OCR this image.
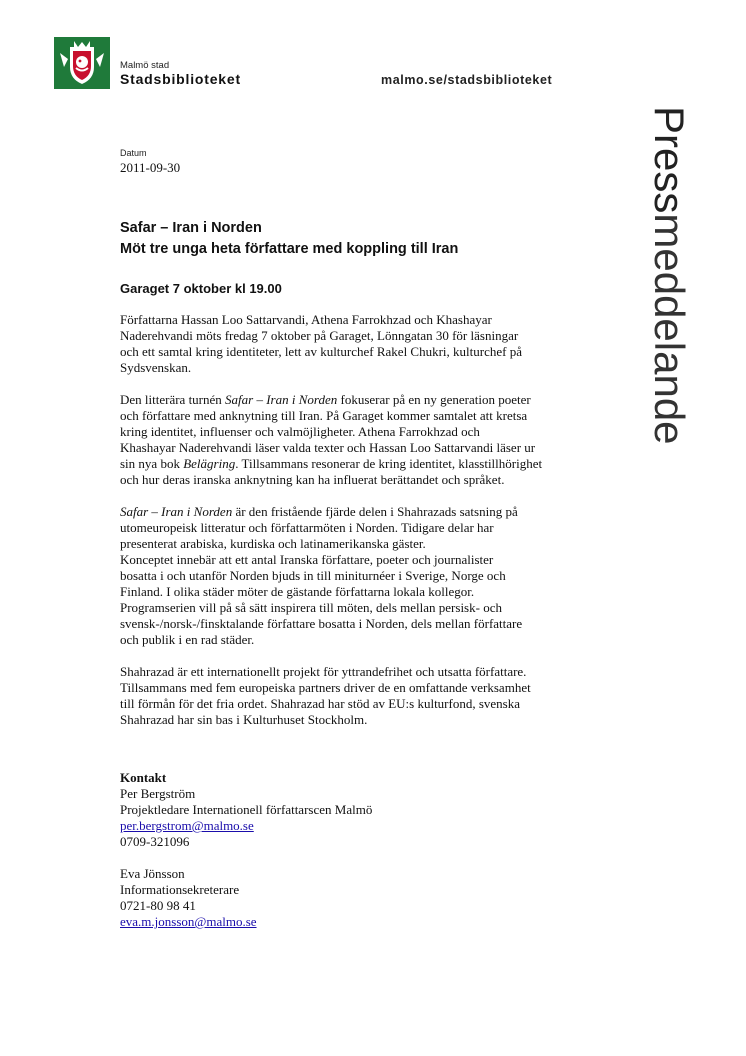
Malmö stad
Stadsbiblioteket	malmo.se/stadsbiblioteket
Pressmeddelande
Datum
2011-09-30
Safar – Iran i Norden
Möt tre unga heta författare med koppling till Iran
Garaget 7 oktober kl 19.00

Författarna Hassan Loo Sattarvandi, Athena Farrokhzad och Khashayar
Naderehvandi möts fredag 7 oktober på Garaget, Lönngatan 30 för läsningar
och ett samtal kring identiteter, lett av kulturchef Rakel Chukri, kulturchef på
Sydsvenskan.

Den litterära turnén Safar – Iran i Norden fokuserar på en ny generation poeter
och författare med anknytning till Iran. På Garaget kommer samtalet att kretsa
kring identitet, influenser och valmöjligheter. Athena Farrokhzad och
Khashayar Naderehvandi läser valda texter och Hassan Loo Sattarvandi läser ur
sin nya bok Belägring. Tillsammans resonerar de kring identitet, klasstillhörighet
och hur deras iranska anknytning kan ha influerat berättandet och språket.

Safar – Iran i Norden är den fristående fjärde delen i Shahrazads satsning på
utomeuropeisk litteratur och författarmöten i Norden. Tidigare delar har
presenterat arabiska, kurdiska och latinamerikanska gäster.

Konceptet innebär att ett antal Iranska författare, poeter och journalister
bosatta i och utanför Norden bjuds in till miniturnéer i Sverige, Norge och
Finland. I olika städer möter de gästande författarna lokala kollegor.
Programserien vill på så sätt inspirera till möten, dels mellan persisk- och
svensk-/norsk-/finsktalande författare bosatta i Norden, dels mellan författare
och publik i en rad städer.

Shahrazad är ett internationellt projekt för yttrandefrihet och utsatta författare.
Tillsammans med fem europeiska partners driver de en omfattande verksamhet
till förmån för det fria ordet. Shahrazad har stöd av EU:s kulturfond, svenska
Shahrazad har sin bas i Kulturhuset Stockholm.

Kontakt
Per Bergström
Projektledare Internationell författarscen Malmö
per.bergstrom@malmo.se
0709-321096
Eva Jönsson
Informationsekreterare
0721-80 98 41
eva.m.jonsson@malmo.se
